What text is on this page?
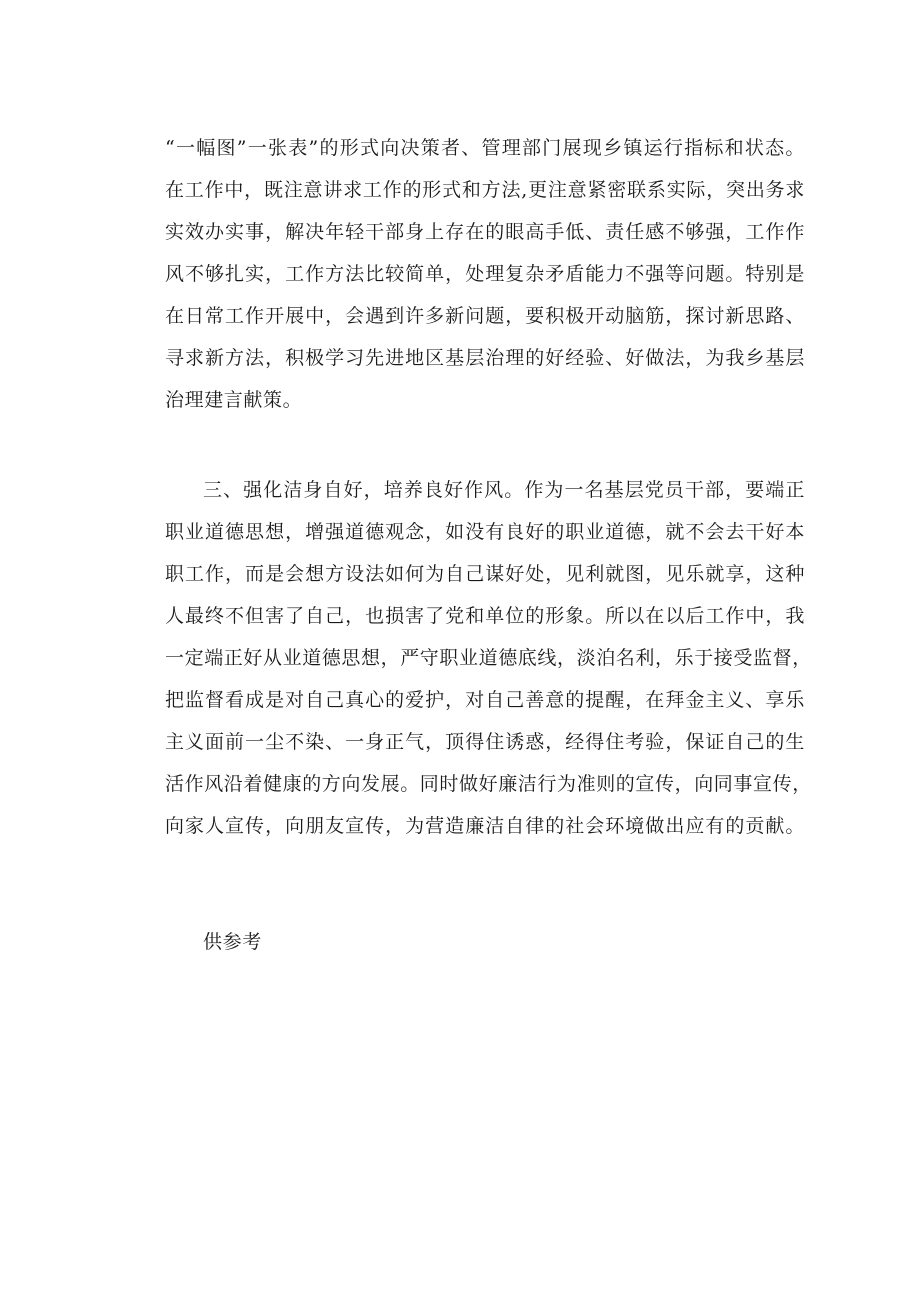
“一幅图”一张表”的形式向决策者、管理部门展现乡镇运行指标和状态。
在工作中，既注意讲求工作的形式和方法,更注意紧密联系实际，突出务求
实效办实事，解决年轻干部身上存在的眼高手低、责任感不够强，工作作
风不够扎实，工作方法比较简单，处理复杂矛盾能力不强等问题。特别是
在日常工作开展中，会遇到许多新问题，要积极开动脑筋，探讨新思路、
寻求新方法，积极学习先进地区基层治理的好经验、好做法，为我乡基层
治理建言献策。
三、强化洁身自好，培养良好作风。作为一名基层党员干部，要端正
职业道德思想，增强道德观念，如没有良好的职业道德，就不会去干好本
职工作，而是会想方设法如何为自己谋好处，见利就图，见乐就享，这种
人最终不但害了自己，也损害了党和单位的形象。所以在以后工作中，我
一定端正好从业道德思想，严守职业道德底线，淡泊名利，乐于接受监督，
把监督看成是对自己真心的爱护，对自己善意的提醒，在拜金主义、享乐
主义面前一尘不染、一身正气，顶得住诱惑，经得住考验，保证自己的生
活作风沿着健康的方向发展。同时做好廉洁行为准则的宣传，向同事宣传，
向家人宣传，向朋友宣传，为营造廉洁自律的社会环境做出应有的贡献。
供参考
